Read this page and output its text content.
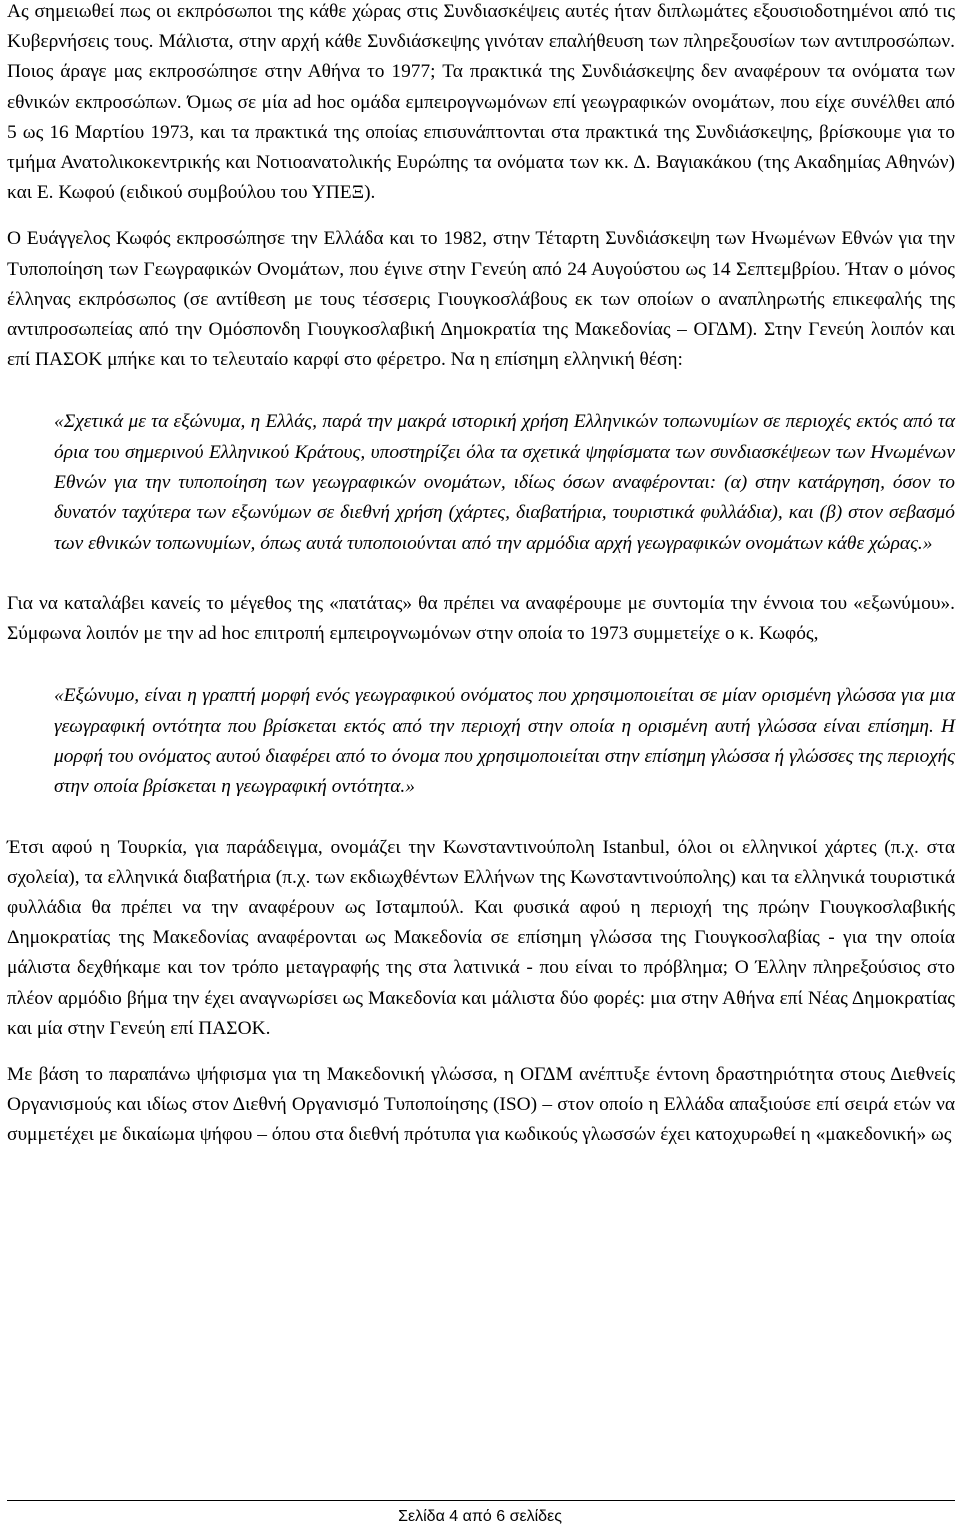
Ας σημειωθεί πως οι εκπρόσωποι της κάθε χώρας στις Συνδιασκέψεις αυτές ήταν διπλωμάτες εξουσιοδοτημένοι από τις Κυβερνήσεις τους. Μάλιστα, στην αρχή κάθε Συνδιάσκεψης γινόταν επαλήθευση των πληρεξουσίων των αντιπροσώπων. Ποιος άραγε μας εκπροσώπησε στην Αθήνα το 1977; Τα πρακτικά της Συνδιάσκεψης δεν αναφέρουν τα ονόματα των εθνικών εκπροσώπων. Όμως σε μία ad hoc ομάδα εμπειρογνωμόνων επί γεωγραφικών ονομάτων, που είχε συνέλθει από 5 ως 16 Μαρτίου 1973, και τα πρακτικά της οποίας επισυνάπτονται στα πρακτικά της Συνδιάσκεψης, βρίσκουμε για το τμήμα Ανατολικοκεντρικής και Νοτιοανατολικής Ευρώπης τα ονόματα των κκ. Δ. Βαγιακάκου (της Ακαδημίας Αθηνών) και Ε. Κωφού (ειδικού συμβούλου του ΥΠΕΞ).

Ο Ευάγγελος Κωφός εκπροσώπησε την Ελλάδα και το 1982, στην Τέταρτη Συνδιάσκεψη των Ηνωμένων Εθνών για την Τυποποίηση των Γεωγραφικών Ονομάτων, που έγινε στην Γενεύη από 24 Αυγούστου ως 14 Σεπτεμβρίου. Ήταν ο μόνος έλληνας εκπρόσωπος (σε αντίθεση με τους τέσσερις Γιουγκοσλάβους εκ των οποίων ο αναπληρωτής επικεφαλής της αντιπροσωπείας από την Ομόσπονδη Γιουγκοσλαβική Δημοκρατία της Μακεδονίας – ΟΓΔΜ). Στην Γενεύη λοιπόν και επί ΠΑΣΟΚ μπήκε και το τελευταίο καρφί στο φέρετρο. Να η επίσημη ελληνική θέση:

«Σχετικά με τα εξώνυμα, η Ελλάς, παρά την μακρά ιστορική χρήση Ελληνικών τοπωνυμίων σε περιοχές εκτός από τα όρια του σημερινού Ελληνικού Κράτους, υποστηρίζει όλα τα σχετικά ψηφίσματα των συνδιασκέψεων των Ηνωμένων Εθνών για την τυποποίηση των γεωγραφικών ονομάτων, ιδίως όσων αναφέρονται: (α) στην κατάργηση, όσον το δυνατόν ταχύτερα των εξωνύμων σε διεθνή χρήση (χάρτες, διαβατήρια, τουριστικά φυλλάδια), και (β) στον σεβασμό των εθνικών τοπωνυμίων, όπως αυτά τυποποιούνται από την αρμόδια αρχή γεωγραφικών ονομάτων κάθε χώρας.»

Για να καταλάβει κανείς το μέγεθος της «πατάτας» θα πρέπει να αναφέρουμε με συντομία την έννοια του «εξωνύμου». Σύμφωνα λοιπόν με την ad hoc επιτροπή εμπειρογνωμόνων στην οποία το 1973 συμμετείχε ο κ. Κωφός,

«Εξώνυμο, είναι η γραπτή μορφή ενός γεωγραφικού ονόματος που χρησιμοποιείται σε μίαν ορισμένη γλώσσα για μια γεωγραφική οντότητα που βρίσκεται εκτός από την περιοχή στην οποία η ορισμένη αυτή γλώσσα είναι επίσημη. Η μορφή του ονόματος αυτού διαφέρει από το όνομα που χρησιμοποιείται στην επίσημη γλώσσα ή γλώσσες της περιοχής στην οποία βρίσκεται η γεωγραφική οντότητα.»

Έτσι αφού η Τουρκία, για παράδειγμα, ονομάζει την Κωνσταντινούπολη Istanbul, όλοι οι ελληνικοί χάρτες (π.χ. στα σχολεία), τα ελληνικά διαβατήρια (π.χ. των εκδιωχθέντων Ελλήνων της Κωνσταντινούπολης) και τα ελληνικά τουριστικά φυλλάδια θα πρέπει να την αναφέρουν ως Ισταμπούλ. Και φυσικά αφού η περιοχή της πρώην Γιουγκοσλαβικής Δημοκρατίας της Μακεδονίας αναφέρονται ως Μακεδονία σε επίσημη γλώσσα της Γιουγκοσλαβίας - για την οποία μάλιστα δεχθήκαμε και τον τρόπο μεταγραφής της στα λατινικά - που είναι το πρόβλημα; Ο Έλλην πληρεξούσιος στο πλέον αρμόδιο βήμα την έχει αναγνωρίσει ως Μακεδονία και μάλιστα δύο φορές: μια στην Αθήνα επί Νέας Δημοκρατίας και μία στην Γενεύη επί ΠΑΣΟΚ.

Με βάση το παραπάνω ψήφισμα για τη Μακεδονική γλώσσα, η ΟΓΔΜ ανέπτυξε έντονη δραστηριότητα στους Διεθνείς Οργανισμούς και ιδίως στον Διεθνή Οργανισμό Τυποποίησης (ISO) – στον οποίο η Ελλάδα απαξιούσε επί σειρά ετών να συμμετέχει με δικαίωμα ψήφου – όπου στα διεθνή πρότυπα για κωδικούς γλωσσών έχει κατοχυρωθεί η «μακεδονική» ως

Σελίδα 4 από 6 σελίδες
